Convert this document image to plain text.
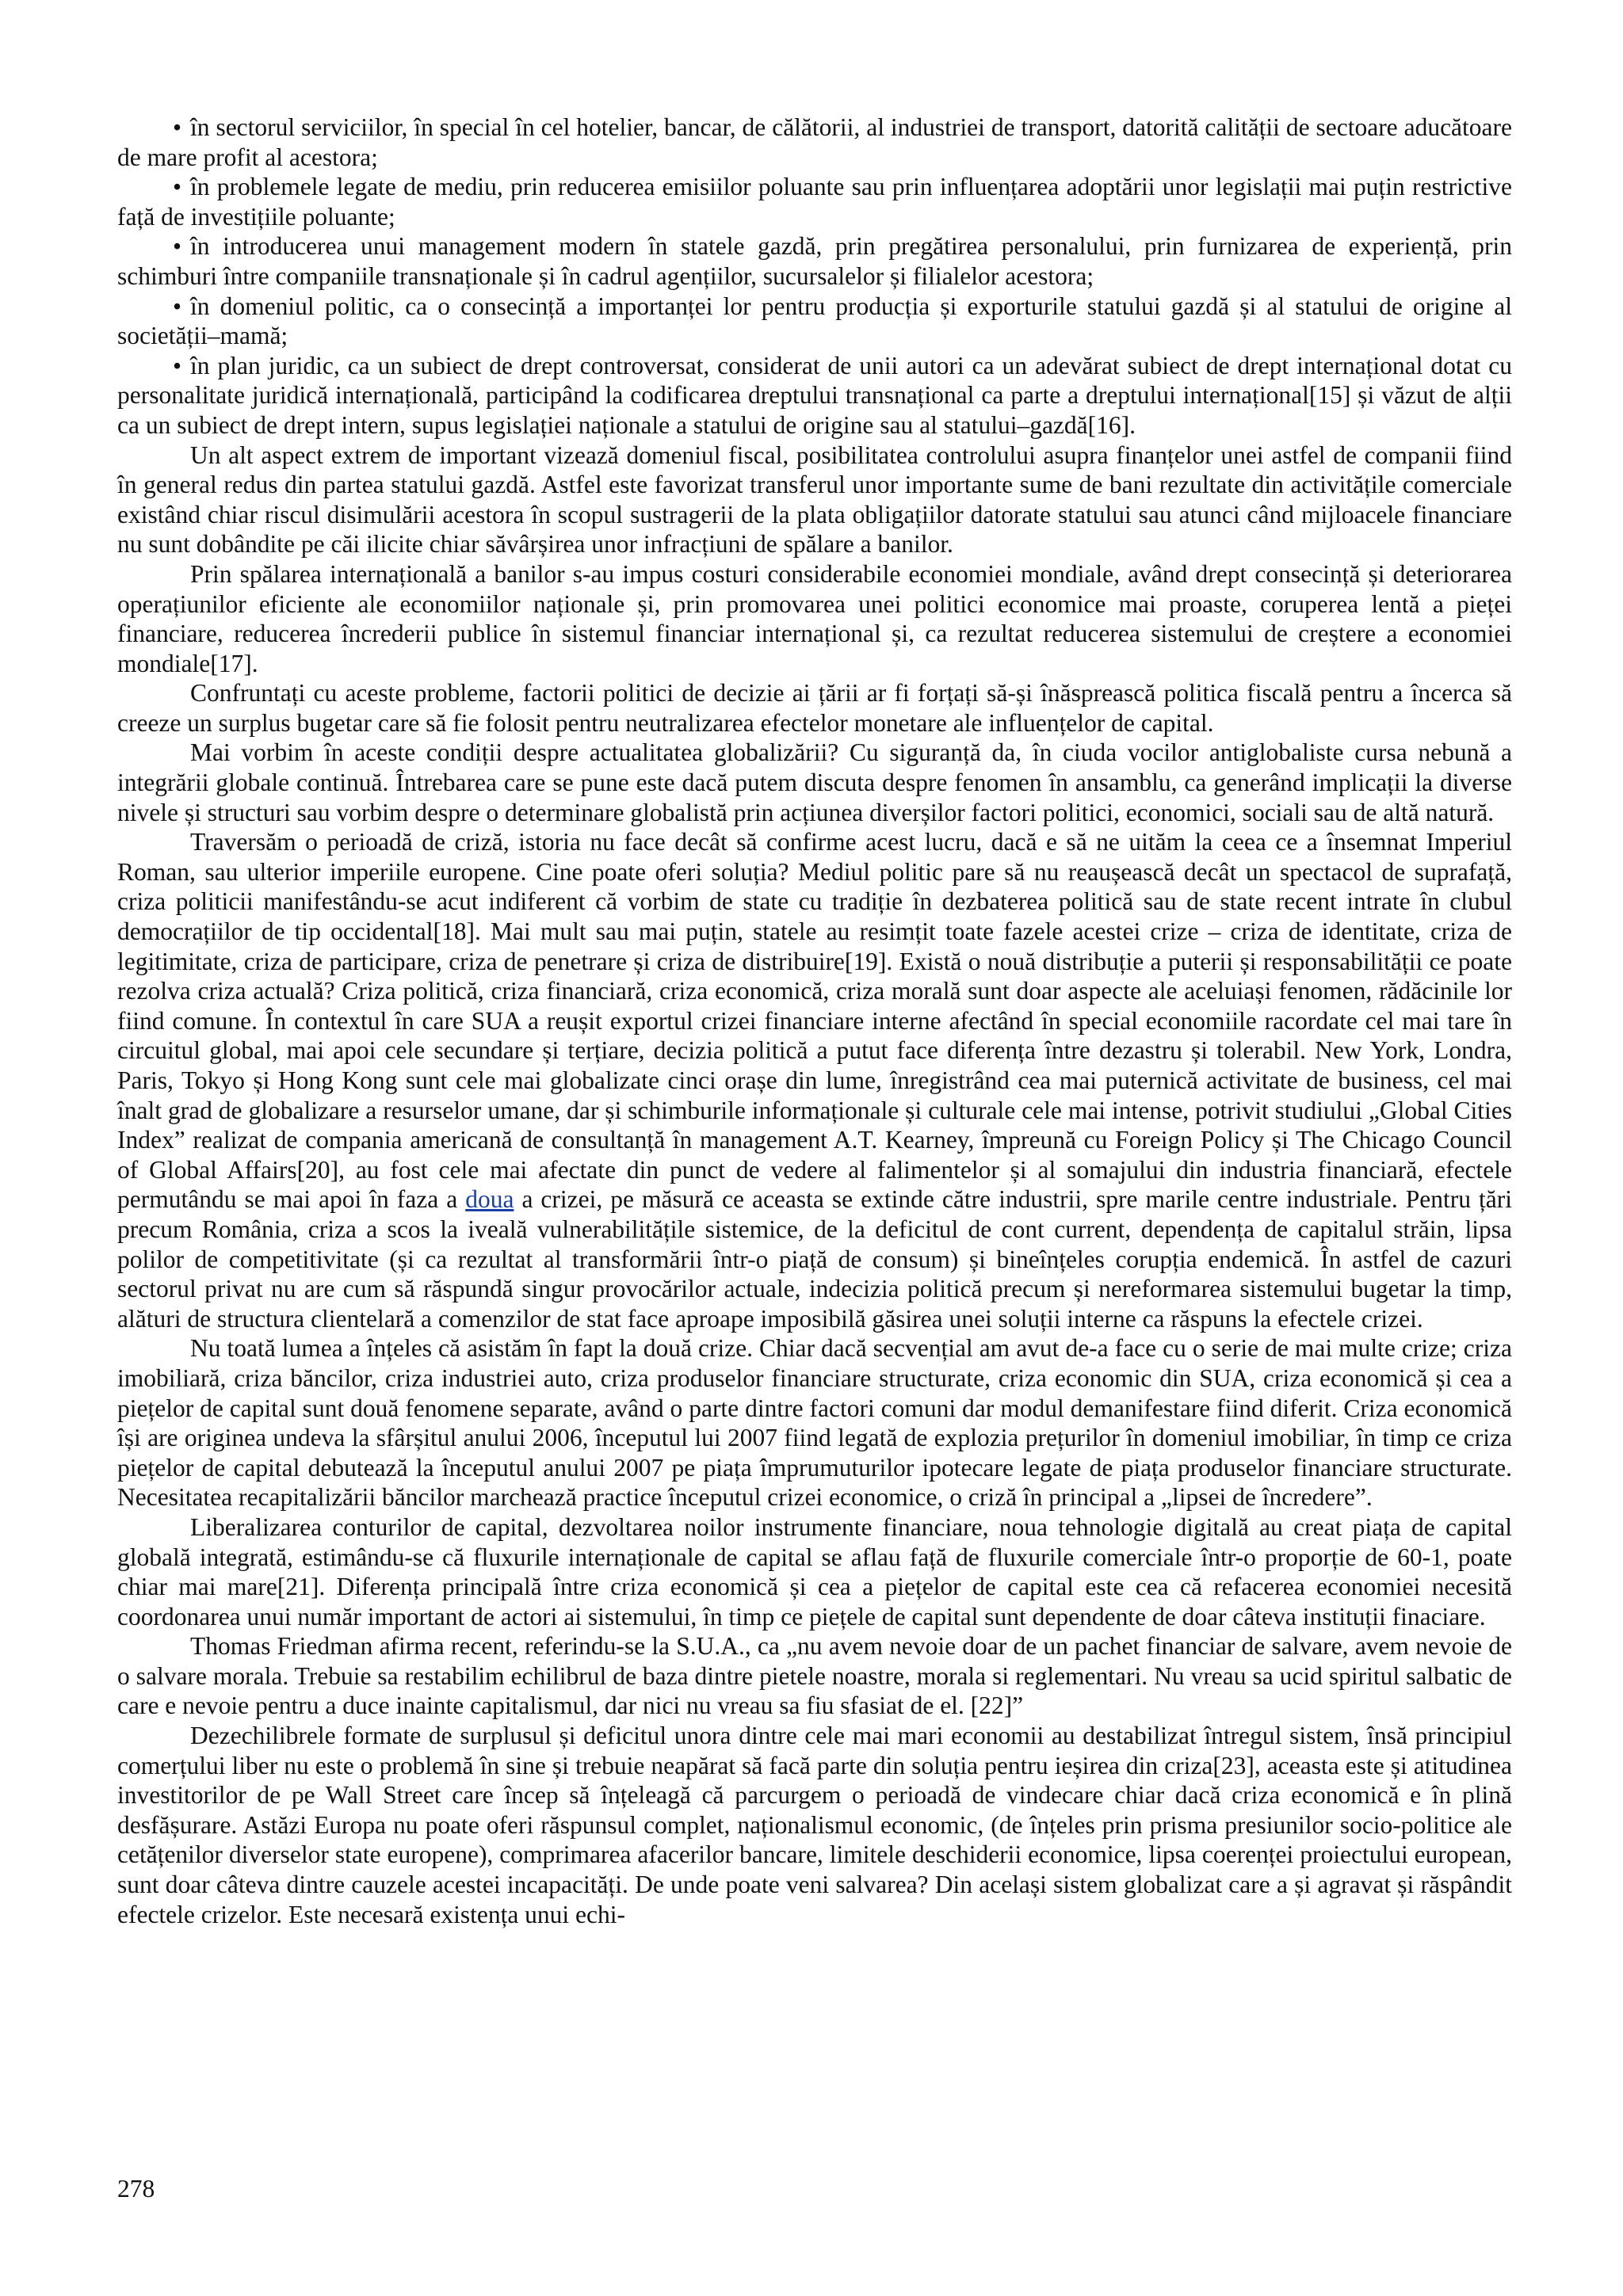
• în sectorul serviciilor, în special în cel hotelier, bancar, de călătorii, al industriei de transport, datorită calității de sectoare aducătoare de mare profit al acestora;

• în problemele legate de mediu, prin reducerea emisiilor poluante sau prin influențarea adoptării unor legislații mai puțin restrictive față de investițiile poluante;

• în introducerea unui management modern în statele gazdă, prin pregătirea personalului, prin furnizarea de experiență, prin schimburi între companiile transnaționale și în cadrul agențiilor, sucursalelor și filialelor acestora;

• în domeniul politic, ca o consecință a importanței lor pentru producția și exporturile statului gazdă și al statului de origine al societății–mamă;

• în plan juridic, ca un subiect de drept controversat, considerat de unii autori ca un adevărat subiect de drept internațional dotat cu personalitate juridică internațională, participând la codificarea dreptului transnațional ca parte a dreptului internațional[15] și văzut de alții ca un subiect de drept intern, supus legislației naționale a statului de origine sau al statului–gazdă[16].

Un alt aspect extrem de important vizează domeniul fiscal, posibilitatea controlului asupra finanțelor unei astfel de companii fiind în general redus din partea statului gazdă. Astfel este favorizat transferul unor importante sume de bani rezultate din activitățile comerciale existând chiar riscul disimulării acestora în scopul sustragerii de la plata obligațiilor datorate statului sau atunci când mijloacele financiare nu sunt dobândite pe căi ilicite chiar săvârșirea unor infracțiuni de spălare a banilor.

Prin spălarea internațională a banilor s-au impus costuri considerabile economiei mondiale, având drept consecință și deteriorarea operațiunilor eficiente ale economiilor naționale și, prin promovarea unei politici economice mai proaste, coruperea lentă a pieței financiare, reducerea încrederii publice în sistemul financiar internațional și, ca rezultat reducerea sistemului de creștere a economiei mondiale[17].

Confruntați cu aceste probleme, factorii politici de decizie ai țării ar fi forțați să-și înăsprească politica fiscală pentru a încerca să creeze un surplus bugetar care să fie folosit pentru neutralizarea efectelor monetare ale influențelor de capital.

Mai vorbim în aceste condiții despre actualitatea globalizării? Cu siguranță da, în ciuda vocilor antiglobaliste cursa nebună a integrării globale continuă. Întrebarea care se pune este dacă putem discuta despre fenomen în ansamblu, ca generând implicații la diverse nivele și structuri sau vorbim despre o determinare globalistă prin acțiunea diverșilor factori politici, economici, sociali sau de altă natură.

Traversăm o perioadă de criză, istoria nu face decât să confirme acest lucru, dacă e să ne uităm la ceea ce a însemnat Imperiul Roman, sau ulterior imperiile europene. Cine poate oferi soluția? Mediul politic pare să nu reaușească decât un spectacol de suprafață, criza politicii manifestându-se acut indiferent că vorbim de state cu tradiție în dezbaterea politică sau de state recent intrate în clubul democrațiilor de tip occidental[18]. Mai mult sau mai puțin, statele au resimțit toate fazele acestei crize – criza de identitate, criza de legitimitate, criza de participare, criza de penetrare și criza de distribuire[19]. Există o nouă distribuție a puterii și responsabilității ce poate rezolva criza actuală? Criza politică, criza financiară, criza economică, criza morală sunt doar aspecte ale aceluiași fenomen, rădăcinile lor fiind comune. În contextul în care SUA a reușit exportul crizei financiare interne afectând în special economiile racordate cel mai tare în circuitul global, mai apoi cele secundare și terțiare, decizia politică a putut face diferența între dezastru și tolerabil. New York, Londra, Paris, Tokyo și Hong Kong sunt cele mai globalizate cinci orașe din lume, înregistrând cea mai puternică activitate de business, cel mai înalt grad de globalizare a resurselor umane, dar și schimburile informaționale și culturale cele mai intense, potrivit studiului „Global Cities Index” realizat de compania americană de consultanță în management A.T. Kearney, împreună cu Foreign Policy și The Chicago Council of Global Affairs[20], au fost cele mai afectate din punct de vedere al falimentelor și al somajului din industria financiară, efectele permutându se mai apoi în faza a doua a crizei, pe măsură ce aceasta se extinde către industrii, spre marile centre industriale. Pentru țări precum România, criza a scos la iveală vulnerabilitățile sistemice, de la deficitul de cont current, dependența de capitalul străin, lipsa polilor de competitivitate (și ca rezultat al transformării într-o piață de consum) și bineînțeles corupția endemică. În astfel de cazuri sectorul privat nu are cum să răspundă singur provocărilor actuale, indecizia politică precum și nereformarea sistemului bugetar la timp, alături de structura clientelară a comenzilor de stat face aproape imposibilă găsirea unei soluții interne ca răspuns la efectele crizei.

Nu toată lumea a înțeles că asistăm în fapt la două crize. Chiar dacă secvențial am avut de-a face cu o serie de mai multe crize; criza imobiliară, criza băncilor, criza industriei auto, criza produselor financiare structurate, criza economic din SUA, criza economică și cea a piețelor de capital sunt două fenomene separate, având o parte dintre factori comuni dar modul demanifestare fiind diferit. Criza economică își are originea undeva la sfârșitul anului 2006, începutul lui 2007 fiind legată de explozia prețurilor în domeniul imobiliar, în timp ce criza piețelor de capital debutează la începutul anului 2007 pe piața împrumuturilor ipotecare legate de piața produselor financiare structurate. Necesitatea recapitalizării băncilor marchează practice începutul crizei economice, o criză în principal a „lipsei de încredere”.

Liberalizarea conturilor de capital, dezvoltarea noilor instrumente financiare, noua tehnologie digitală au creat piața de capital globală integrată, estimându-se că fluxurile internaționale de capital se aflau față de fluxurile comerciale într-o proporție de 60-1, poate chiar mai mare[21]. Diferența principală între criza economică și cea a piețelor de capital este cea că refacerea economiei necesită coordonarea unui număr important de actori ai sistemului, în timp ce piețele de capital sunt dependente de doar câteva instituții finaciare.

Thomas Friedman afirma recent, referindu-se la S.U.A., ca „nu avem nevoie doar de un pachet financiar de salvare, avem nevoie de o salvare morala. Trebuie sa restabilim echilibrul de baza dintre pietele noastre, morala si reglementari. Nu vreau sa ucid spiritul salbatic de care e nevoie pentru a duce inainte capitalismul, dar nici nu vreau sa fiu sfasiat de el. [22]”

Dezechilibrele formate de surplusul și deficitul unora dintre cele mai mari economii au destabilizat întregul sistem, însă principiul comerțului liber nu este o problemă în sine și trebuie neapărat să facă parte din soluția pentru ieșirea din criza[23], aceasta este și atitudinea investitorilor de pe Wall Street care încep să înțeleagă că parcurgem o perioadă de vindecare chiar dacă criza economică e în plină desfășurare. Astăzi Europa nu poate oferi răspunsul complet, naționalismul economic, (de înțeles prin prisma presiunilor socio-politice ale cetățenilor diverselor state europene), comprimarea afacerilor bancare, limitele deschiderii economice, lipsa coerenței proiectului european, sunt doar câteva dintre cauzele acestei incapacități. De unde poate veni salvarea? Din același sistem globalizat care a și agravat și răspândit efectele crizelor. Este necesară existența unui echi-

278
